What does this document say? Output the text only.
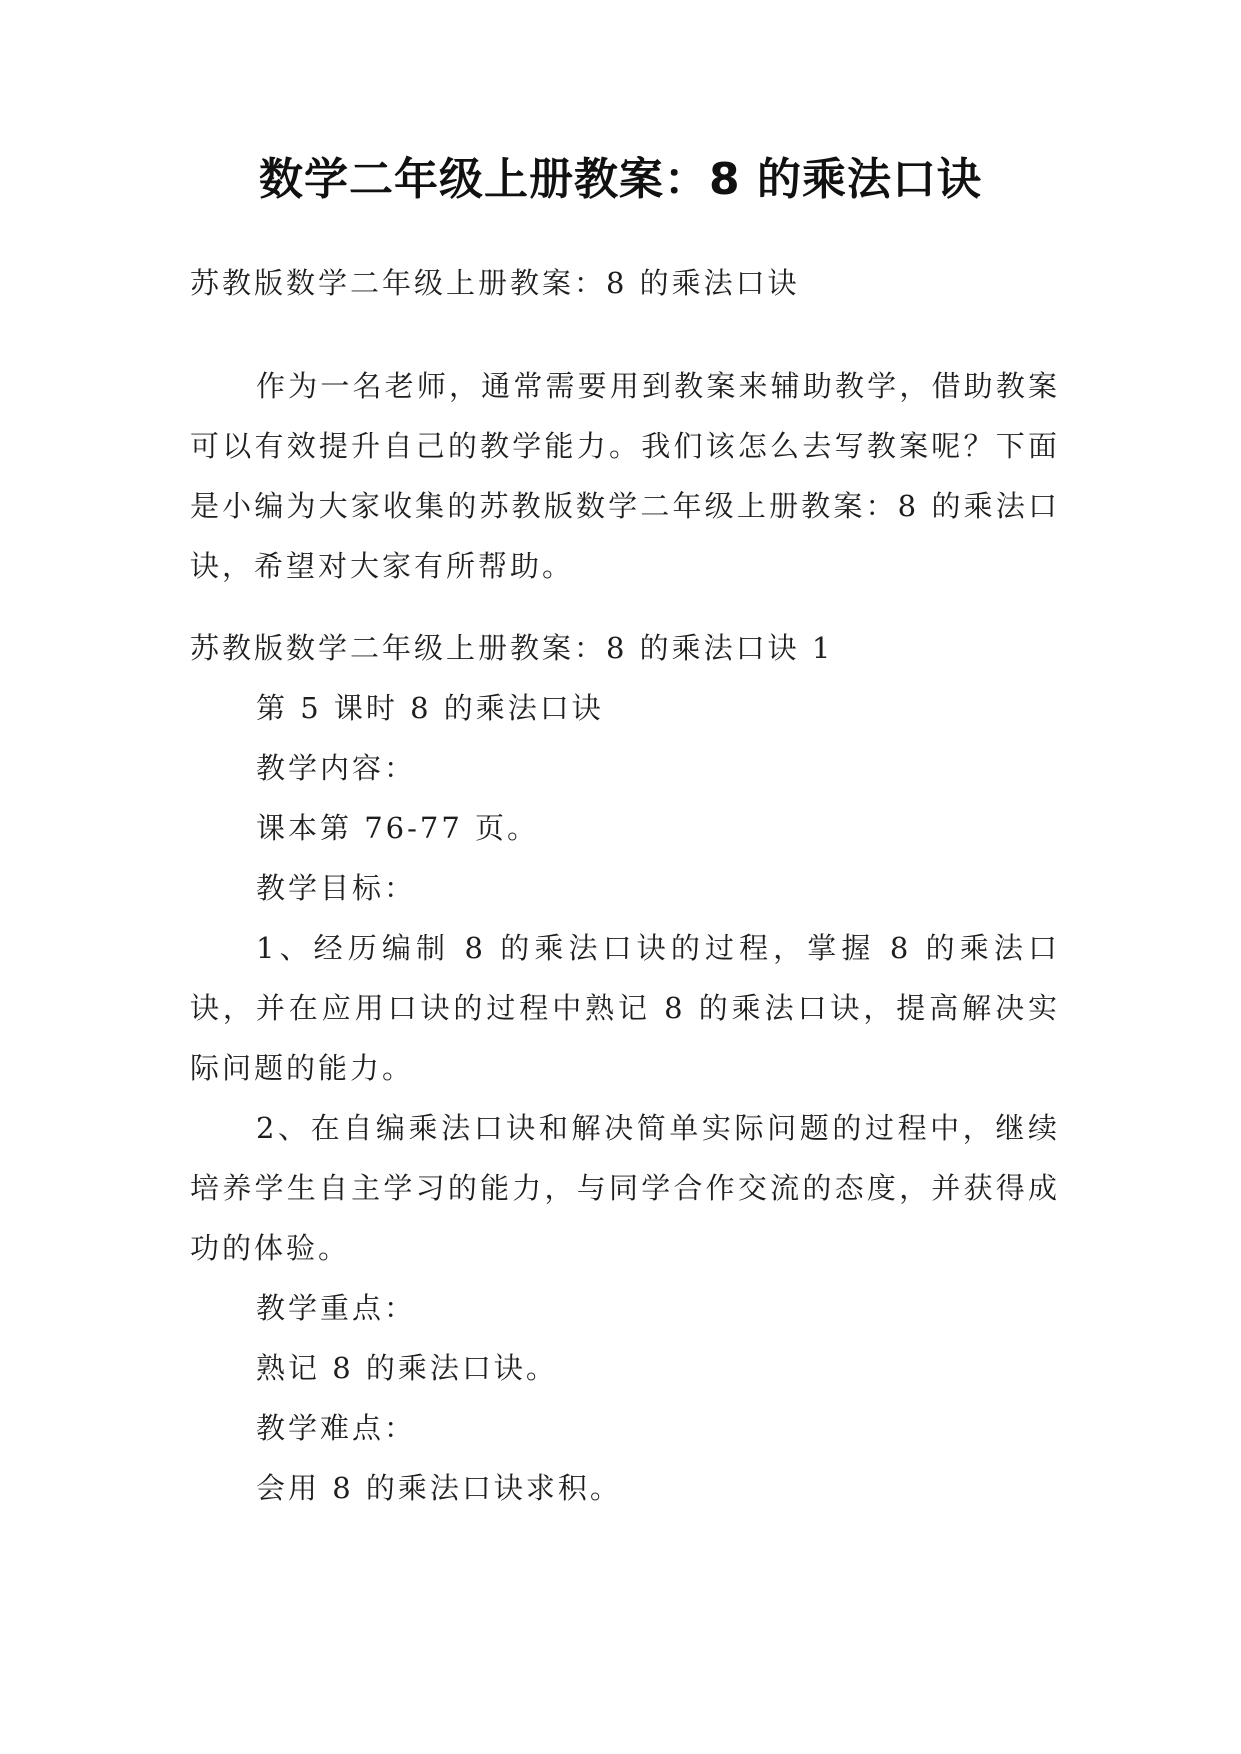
数学二年级上册教案：8 的乘法口诀

苏教版数学二年级上册教案：8 的乘法口诀

作为一名老师，通常需要用到教案来辅助教学，借助教案可以有效提升自己的教学能力。我们该怎么去写教案呢？下面是小编为大家收集的苏教版数学二年级上册教案：8 的乘法口诀，希望对大家有所帮助。

苏教版数学二年级上册教案：8 的乘法口诀 1

第 5 课时 8 的乘法口诀

教学内容：

课本第 76-77 页。

教学目标：

1、经历编制 8 的乘法口诀的过程，掌握 8 的乘法口诀，并在应用口诀的过程中熟记 8 的乘法口诀，提高解决实际问题的能力。

2、在自编乘法口诀和解决简单实际问题的过程中，继续培养学生自主学习的能力，与同学合作交流的态度，并获得成功的体验。

教学重点：

熟记 8 的乘法口诀。

教学难点：

会用 8 的乘法口诀求积。
